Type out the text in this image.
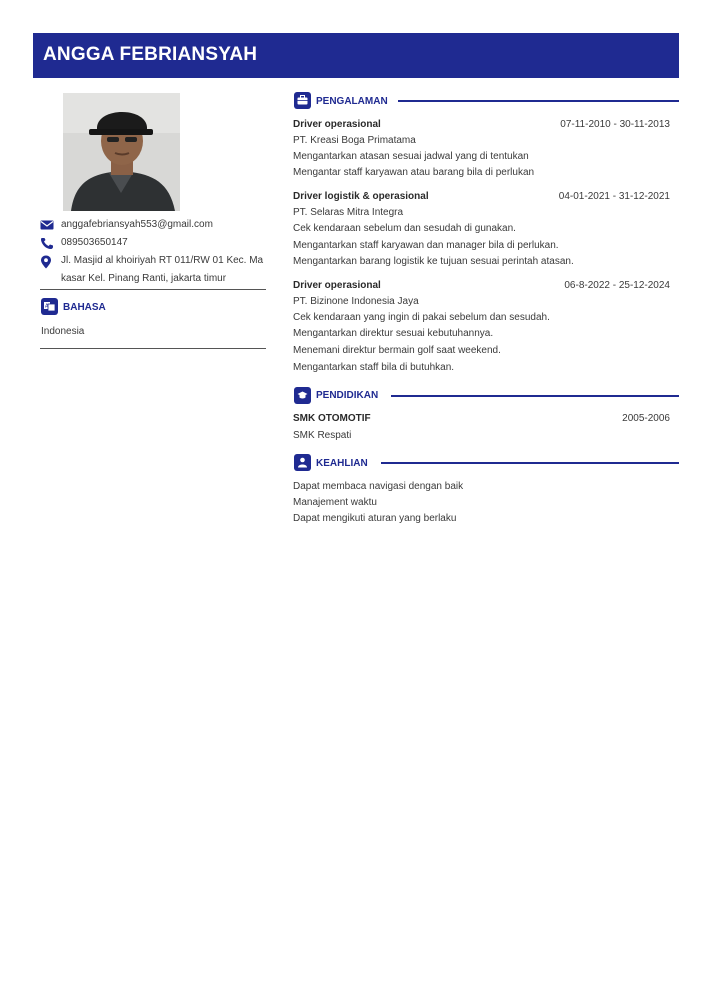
ANGGA FEBRIANSYAH
anggafebriansyah553@gmail.com
089503650147
Jl. Masjid al khoiriyah RT 011/RW 01 Kec. Ma
kasar Kel. Pinang Ranti, jakarta timur
A BAHASA
Indonesia
PENGALAMAN
Driver operasional	07-11-2010 - 30-11-2013
PT. Kreasi Boga Primatama
Mengantarkan atasan sesuai jadwal yang di tentukan
Mengantar staff karyawan atau barang bila di perlukan
Driver logistik & operasional	04-01-2021 - 31-12-2021
PT. Selaras Mitra Integra
Cek kendaraan sebelum dan sesudah di gunakan.
Mengantarkan staff karyawan dan manager bila di perlukan.
Mengantarkan barang logistik ke tujuan sesuai perintah atasan.
Driver operasional	06-8-2022 - 25-12-2024
PT. Bizinone Indonesia Jaya
Cek kendaraan yang ingin di pakai sebelum dan sesudah.
Mengantarkan direktur sesuai kebutuhannya.
Menemani direktur bermain golf saat weekend.
Mengantarkan staff bila di butuhkan.
PENDIDIKAN
SMK OTOMOTIF	2005-2006
SMK Respati
KEAHLIAN
Dapat membaca navigasi dengan baik
Manajement waktu
Dapat mengikuti aturan yang berlaku
